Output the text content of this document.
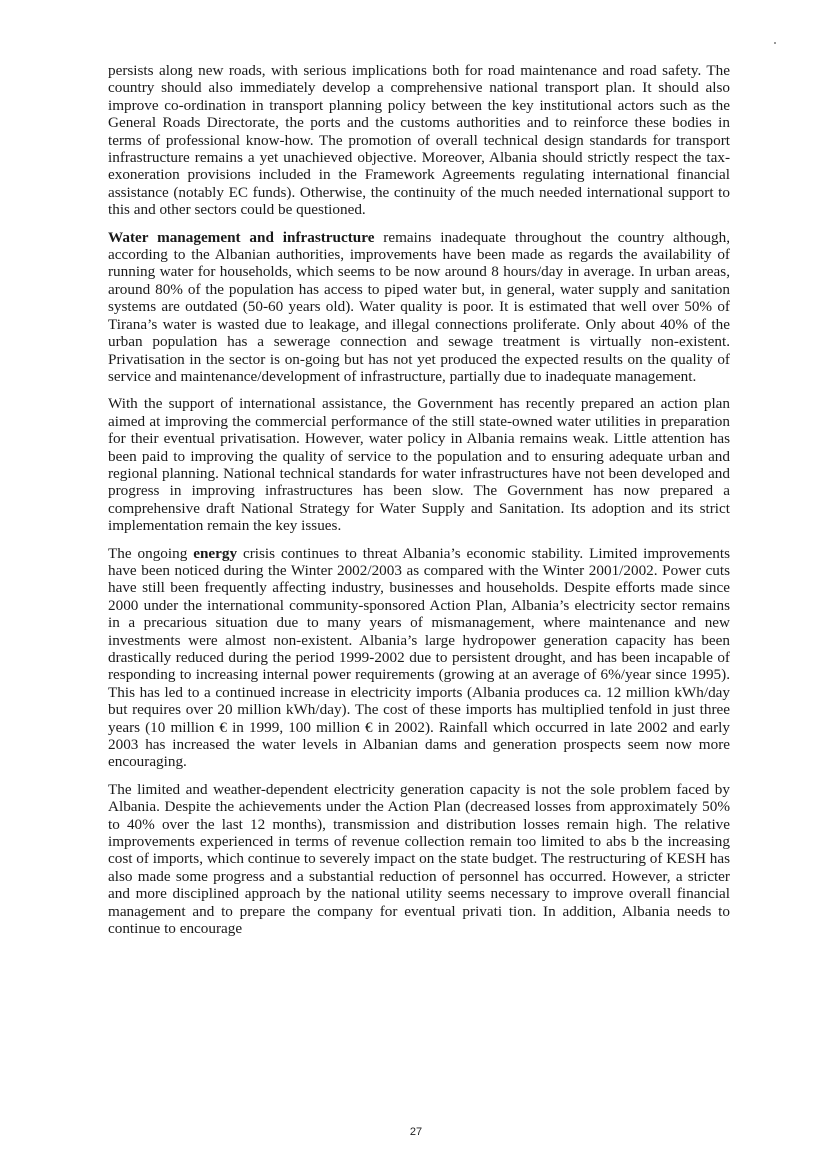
persists along new roads, with serious implications both for road maintenance and road safety. The country should also immediately develop a comprehensive national transport plan. It should also improve co-ordination in transport planning policy between the key institutional actors such as the General Roads Directorate, the ports and the customs authorities and to reinforce these bodies in terms of professional know-how. The promotion of overall technical design standards for transport infrastructure remains a yet unachieved objective. Moreover, Albania should strictly respect the tax-exoneration provisions included in the Framework Agreements regulating international financial assistance (notably EC funds). Otherwise, the continuity of the much needed international support to this and other sectors could be questioned.

Water management and infrastructure remains inadequate throughout the country although, according to the Albanian authorities, improvements have been made as regards the availability of running water for households, which seems to be now around 8 hours/day in average. In urban areas, around 80% of the population has access to piped water but, in general, water supply and sanitation systems are outdated (50-60 years old). Water quality is poor. It is estimated that well over 50% of Tirana’s water is wasted due to leakage, and illegal connections proliferate. Only about 40% of the urban population has a sewerage connection and sewage treatment is virtually non-existent. Privatisation in the sector is on-going but has not yet produced the expected results on the quality of service and maintenance/development of infrastructure, partially due to inadequate management.

With the support of international assistance, the Government has recently prepared an action plan aimed at improving the commercial performance of the still state-owned water utilities in preparation for their eventual privatisation. However, water policy in Albania remains weak. Little attention has been paid to improving the quality of service to the population and to ensuring adequate urban and regional planning. National technical standards for water infrastructures have not been developed and progress in improving infrastructures has been slow. The Government has now prepared a comprehensive draft National Strategy for Water Supply and Sanitation. Its adoption and its strict implementation remain the key issues.

The ongoing energy crisis continues to threat Albania’s economic stability. Limited improvements have been noticed during the Winter 2002/2003 as compared with the Winter 2001/2002. Power cuts have still been frequently affecting industry, businesses and households. Despite efforts made since 2000 under the international community-sponsored Action Plan, Albania’s electricity sector remains in a precarious situation due to many years of mismanagement, where maintenance and new investments were almost non-existent. Albania’s large hydropower generation capacity has been drastically reduced during the period 1999-2002 due to persistent drought, and has been incapable of responding to increasing internal power requirements (growing at an average of 6%/year since 1995). This has led to a continued increase in electricity imports (Albania produces ca. 12 million kWh/day but requires over 20 million kWh/day). The cost of these imports has multiplied tenfold in just three years (10 million € in 1999, 100 million € in 2002). Rainfall which occurred in late 2002 and early 2003 has increased the water levels in Albanian dams and generation prospects seem now more encouraging.

The limited and weather-dependent electricity generation capacity is not the sole problem faced by Albania. Despite the achievements under the Action Plan (decreased losses from approximately 50% to 40% over the last 12 months), transmission and distribution losses remain high. The relative improvements experienced in terms of revenue collection remain too limited to abs b the increasing cost of imports, which continue to severely impact on the state budget. The restructuring of KESH has also made some progress and a substantial reduction of personnel has occurred. However, a stricter and more disciplined approach by the national utility seems necessary to improve overall financial management and to prepare the company for eventual privati tion. In addition, Albania needs to continue to encourage

27
